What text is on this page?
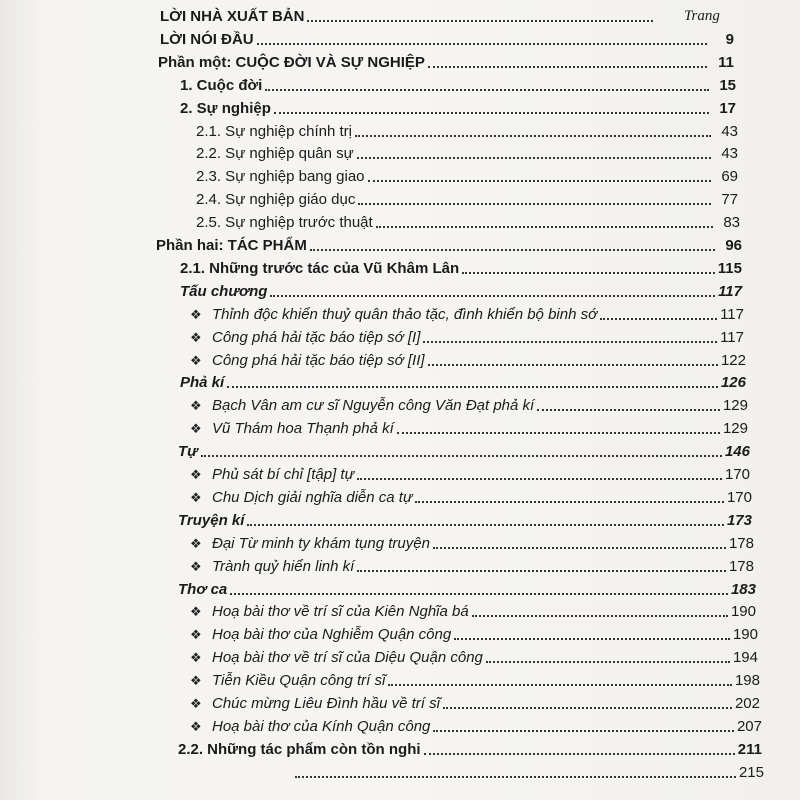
Trang
LỜI NHÀ XUẤT BẢN
LỜI NÓI ĐẦU	9
Phần một: CUỘC ĐỜI VÀ SỰ NGHIỆP	11
1. Cuộc đời	15
2. Sự nghiệp	17
2.1. Sự nghiệp chính trị	43
2.2. Sự nghiệp quân sự	43
2.3. Sự nghiệp bang giao	69
2.4. Sự nghiệp giáo dục	77
2.5. Sự nghiệp trước thuật	83
Phần hai: TÁC PHẨM	96
2.1. Những trước tác của Vũ Khâm Lân	115
Tấu chương	117
❖ Thỉnh độc khiển thuỷ quân thảo tặc, đình khiển bộ binh sớ	117
❖ Công phá hải tặc báo tiệp sớ [I]	117
❖ Công phá hải tặc báo tiệp sớ [II]	122
Phả kí	126
❖ Bạch Vân am cư sĩ Nguyễn công Văn Đạt phả kí	129
❖ Vũ Thám hoa Thạnh phả kí	129
Tự	146
❖ Phủ sát bí chỉ [tập] tự	170
❖ Chu Dịch giải nghĩa diễn ca tự	170
Truyện kí	173
❖ Đại Từ minh ty khám tụng truyện	178
❖ Trành quỷ hiển linh kí	178
Thơ ca	183
❖ Hoạ bài thơ về trí sĩ của Kiên Nghĩa bá	190
❖ Hoạ bài thơ của Nghiễm Quận công	190
❖ Hoạ bài thơ về trí sĩ của Diệu Quận công	194
❖ Tiễn Kiều Quận công trí sĩ	198
❖ Chúc mừng Liêu Đình hầu về trí sĩ	202
❖ Hoạ bài thơ của Kính Quận công	207
2.2. Những tác phẩm còn tồn nghi	211
215
